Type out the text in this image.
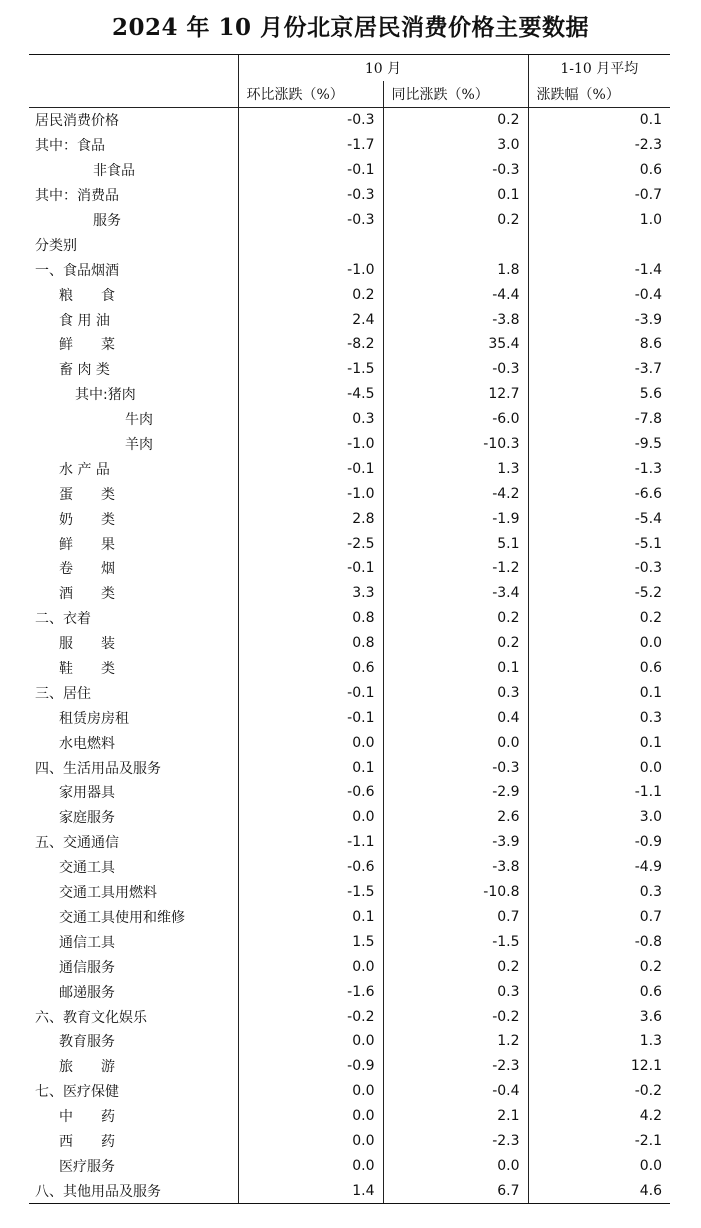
2024 年 10 月份北京居民消费价格主要数据
	10 月		1-10 月平均
	环比涨跌（%）	同比涨跌（%）	涨跌幅（%）
居民消费价格	-0.3	0.2	0.1
其中：食品	-1.7	3.0	-2.3
非食品	-0.1	-0.3	0.6
其中：消费品	-0.3	0.1	-0.7
服务	-0.3	0.2	1.0
分类别			
一、食品烟酒	-1.0	1.8	-1.4
粮　　食	0.2	-4.4	-0.4
食 用 油	2.4	-3.8	-3.9
鲜　　菜	-8.2	35.4	8.6
畜 肉 类	-1.5	-0.3	-3.7
其中:猪肉	-4.5	12.7	5.6
牛肉	0.3	-6.0	-7.8
羊肉	-1.0	-10.3	-9.5
水 产 品	-0.1	1.3	-1.3
蛋　　类	-1.0	-4.2	-6.6
奶　　类	2.8	-1.9	-5.4
鲜　　果	-2.5	5.1	-5.1
卷　　烟	-0.1	-1.2	-0.3
酒　　类	3.3	-3.4	-5.2
二、衣着	0.8	0.2	0.2
服　　装	0.8	0.2	0.0
鞋　　类	0.6	0.1	0.6
三、居住	-0.1	0.3	0.1
租赁房房租	-0.1	0.4	0.3
水电燃料	0.0	0.0	0.1
四、生活用品及服务	0.1	-0.3	0.0
家用器具	-0.6	-2.9	-1.1
家庭服务	0.0	2.6	3.0
五、交通通信	-1.1	-3.9	-0.9
交通工具	-0.6	-3.8	-4.9
交通工具用燃料	-1.5	-10.8	0.3
交通工具使用和维修	0.1	0.7	0.7
通信工具	1.5	-1.5	-0.8
通信服务	0.0	0.2	0.2
邮递服务	-1.6	0.3	0.6
六、教育文化娱乐	-0.2	-0.2	3.6
教育服务	0.0	1.2	1.3
旅　　游	-0.9	-2.3	12.1
七、医疗保健	0.0	-0.4	-0.2
中　　药	0.0	2.1	4.2
西　　药	0.0	-2.3	-2.1
医疗服务	0.0	0.0	0.0
八、其他用品及服务	1.4	6.7	4.6
